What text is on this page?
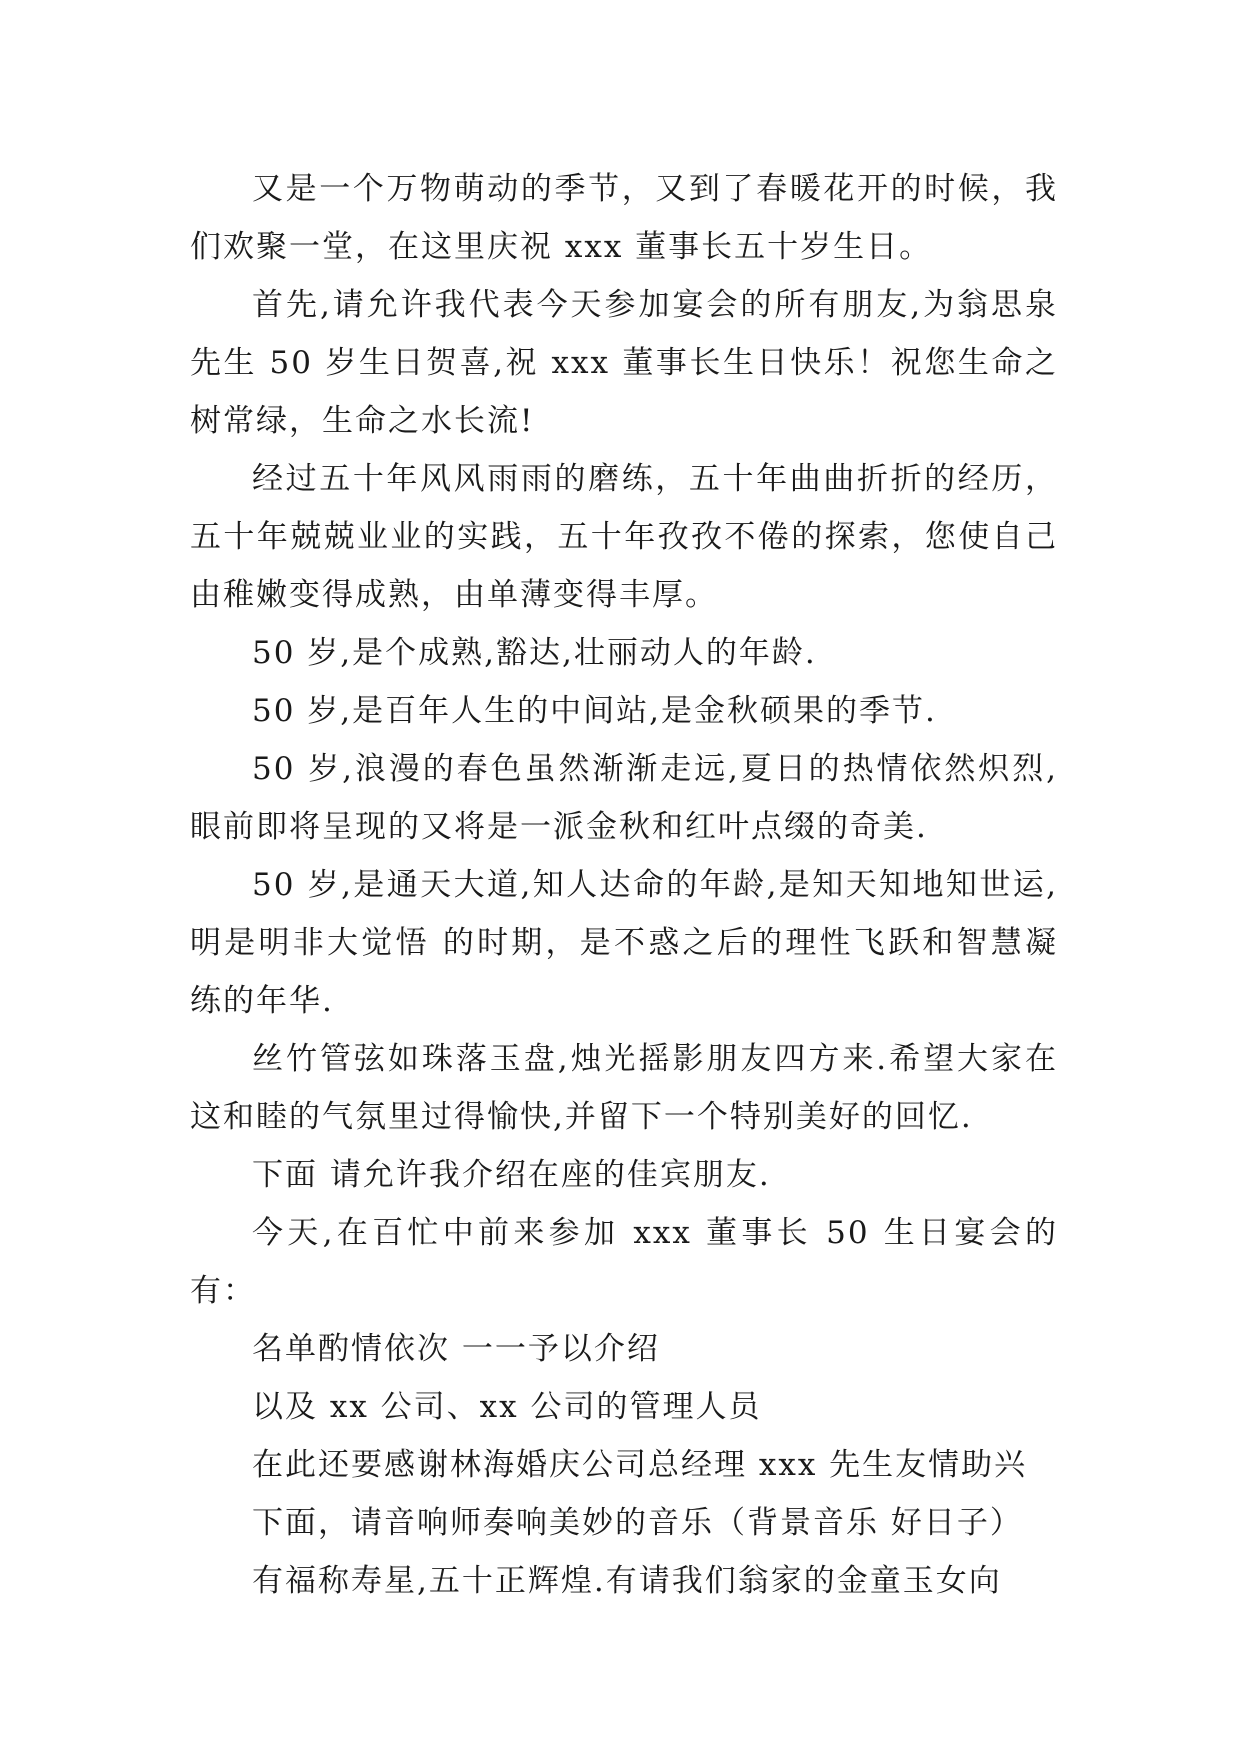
又是一个万物萌动的季节，又到了春暖花开的时候，我们欢聚一堂，在这里庆祝 xxx 董事长五十岁生日。

首先,请允许我代表今天参加宴会的所有朋友,为翁思泉先生 50 岁生日贺喜,祝 xxx 董事长生日快乐！祝您生命之树常绿，生命之水长流!

经过五十年风风雨雨的磨练，五十年曲曲折折的经历，五十年兢兢业业的实践，五十年孜孜不倦的探索，您使自己由稚嫩变得成熟，由单薄变得丰厚。

50 岁,是个成熟,豁达,壮丽动人的年龄.

50 岁,是百年人生的中间站,是金秋硕果的季节.

50 岁,浪漫的春色虽然渐渐走远,夏日的热情依然炽烈,眼前即将呈现的又将是一派金秋和红叶点缀的奇美.

50 岁,是通天大道,知人达命的年龄,是知天知地知世运,明是明非大觉悟 的时期，是不惑之后的理性飞跃和智慧凝练的年华.

丝竹管弦如珠落玉盘,烛光摇影朋友四方来.希望大家在这和睦的气氛里过得愉快,并留下一个特别美好的回忆.

下面 请允许我介绍在座的佳宾朋友.

今天,在百忙中前来参加 xxx 董事长 50 生日宴会的有：

名单酌情依次 一一予以介绍

以及 xx 公司、xx 公司的管理人员

在此还要感谢林海婚庆公司总经理 xxx 先生友情助兴

下面，请音响师奏响美妙的音乐（背景音乐 好日子）

有福称寿星,五十正辉煌.有请我们翁家的金童玉女向
